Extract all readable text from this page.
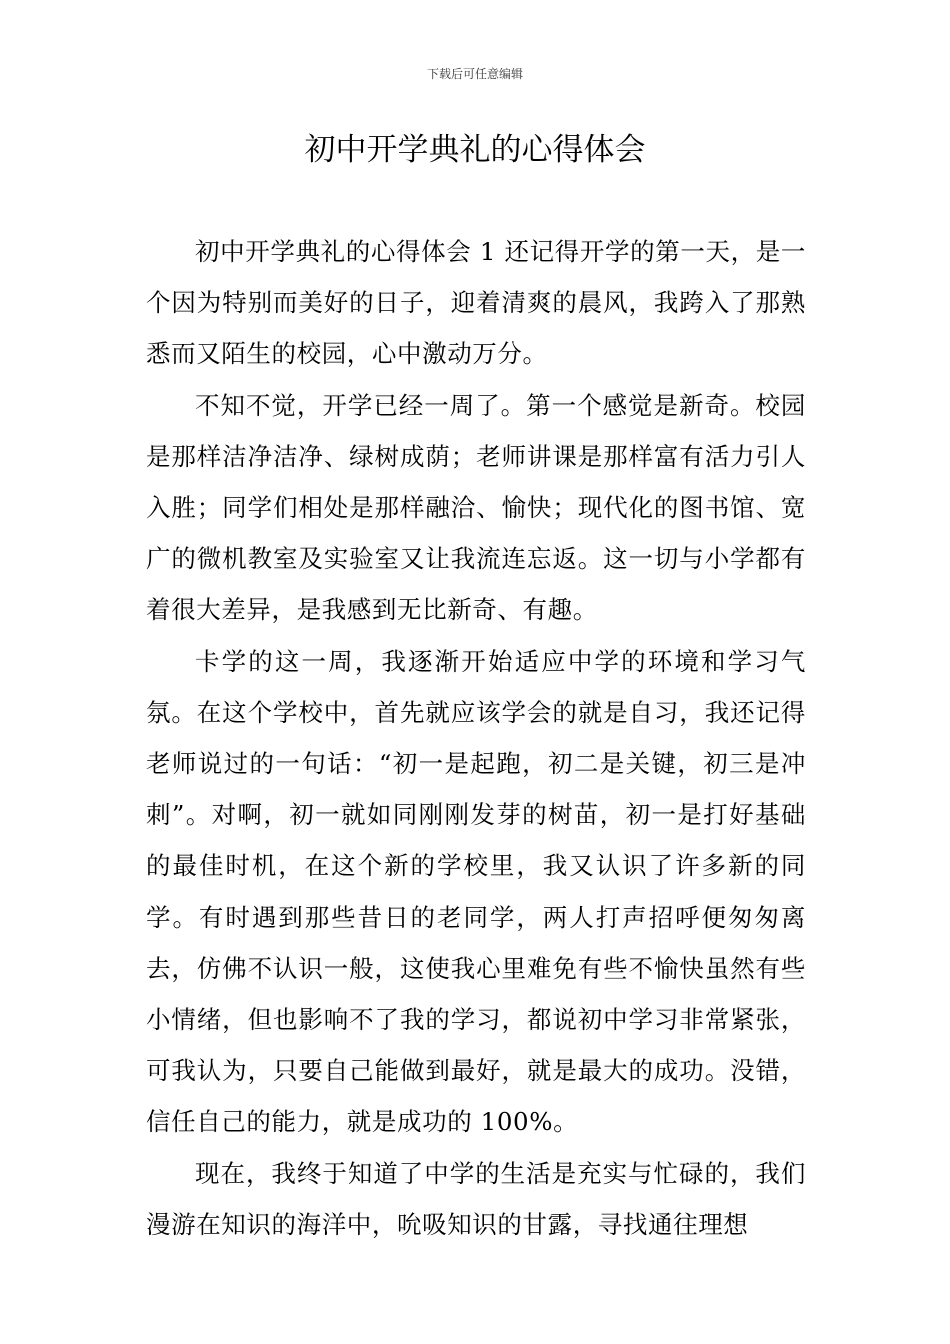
下载后可任意编辑
初中开学典礼的心得体会

初中开学典礼的心得体会 1 还记得开学的第一天，是一个因为特别而美好的日子，迎着清爽的晨风，我跨入了那熟悉而又陌生的校园，心中激动万分。

不知不觉，开学已经一周了。第一个感觉是新奇。校园是那样洁净洁净、绿树成荫；老师讲课是那样富有活力引人入胜；同学们相处是那样融洽、愉快；现代化的图书馆、宽广的微机教室及实验室又让我流连忘返。这一切与小学都有着很大差异，是我感到无比新奇、有趣。

卡学的这一周，我逐渐开始适应中学的环境和学习气氛。在这个学校中，首先就应该学会的就是自习，我还记得老师说过的一句话：“初一是起跑，初二是关键，初三是冲刺”。对啊，初一就如同刚刚发芽的树苗，初一是打好基础的最佳时机，在这个新的学校里，我又认识了许多新的同学。有时遇到那些昔日的老同学，两人打声招呼便匆匆离去，仿佛不认识一般，这使我心里难免有些不愉快虽然有些小情绪，但也影响不了我的学习，都说初中学习非常紧张，可我认为，只要自己能做到最好，就是最大的成功。没错，信任自己的能力，就是成功的 100%。

现在，我终于知道了中学的生活是充实与忙碌的，我们漫游在知识的海洋中，吮吸知识的甘露，寻找通往理想
